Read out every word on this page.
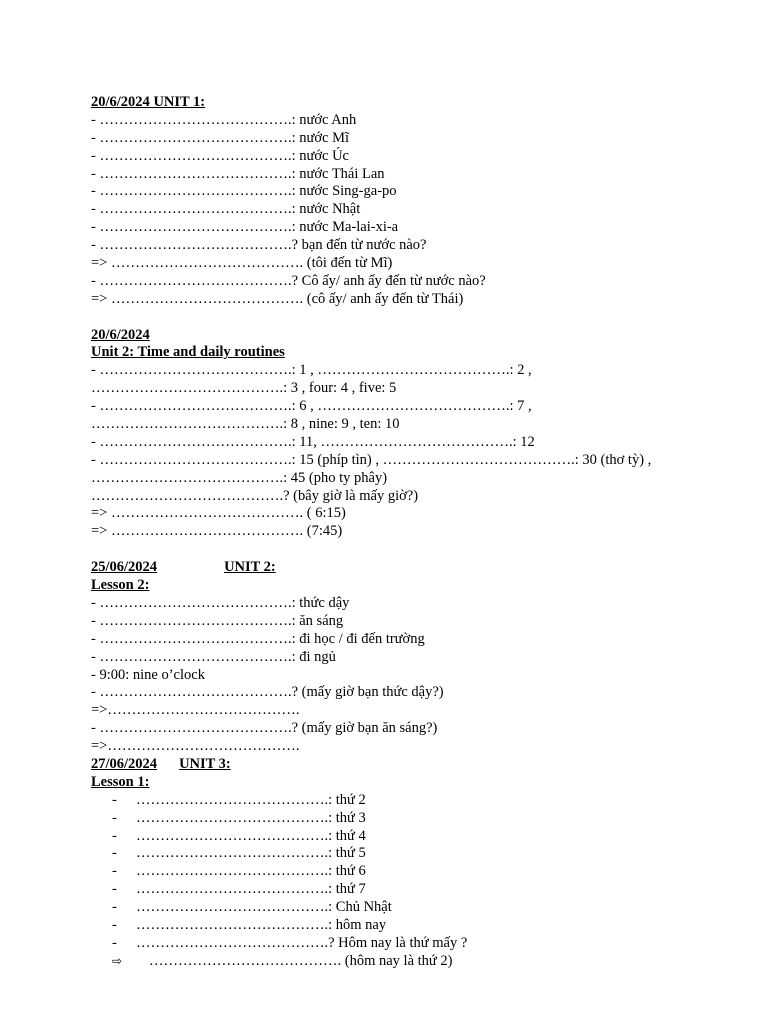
20/6/2024 UNIT 1:
- ………………………………….: nước Anh
- ………………………………….: nước Mĩ
- ………………………………….: nước Úc
- ………………………………….: nước Thái Lan
- ………………………………….: nước Sing-ga-po
- ………………………………….: nước Nhật
- ………………………………….: nước Ma-lai-xi-a
- ………………………………….? bạn đến từ nước nào?
=> …………………………………. (tôi đến từ Mĩ)
- ………………………………….? Cô ấy/ anh ấy đến từ nước nào?
=> …………………………………. (cô ấy/ anh ấy đến từ Thái)
20/6/2024
Unit 2: Time and daily routines
- ………………………………….: 1 , ………………………………….: 2 ,
………………………………….: 3 , four: 4 , five: 5
- ………………………………….: 6 , ………………………………….: 7 ,
………………………………….: 8 , nine: 9 , ten: 10
- ………………………………….: 11, ………………………………….: 12
- ………………………………….: 15 (phíp tìn) , ………………………………….: 30 (thơ tỳ) ,
………………………………….: 45 (pho ty phây)
………………………………….? (bây giờ là mấy giờ?)
=> …………………………………. ( 6:15)
=> …………………………………. (7:45)
25/06/2024	UNIT 2:
Lesson 2:
- ………………………………….: thức dậy
- ………………………………….: ăn sáng
- ………………………………….: đi học / đi đến trường
- ………………………………….: đi ngủ
- 9:00: nine o’clock
- ………………………………….? (mấy giờ bạn thức dậy?)
=>………………………………….
- ………………………………….? (mấy giờ bạn ăn sáng?)
=>………………………………….
27/06/2024 UNIT 3:
Lesson 1:
- ………………………………….: thứ 2
- ………………………………….: thứ 3
- ………………………………….: thứ 4
- ………………………………….: thứ 5
- ………………………………….: thứ 6
- ………………………………….: thứ 7
- ………………………………….: Chủ Nhật
- ………………………………….: hôm nay
- ………………………………….? Hôm nay là thứ mấy ?
⇨ …………………………………. (hôm nay là thứ 2)
